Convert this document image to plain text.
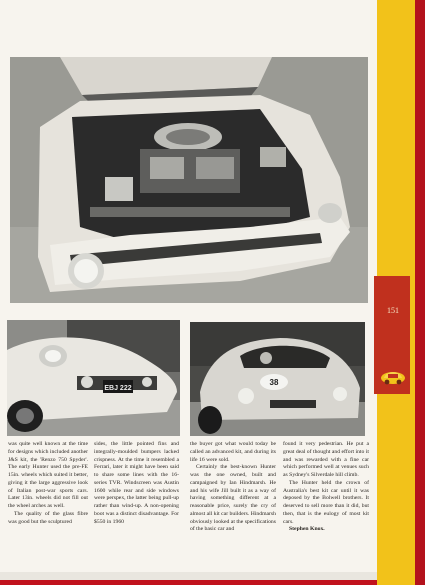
EBJ 222
38

was quite well known at the time for designs which included another J&S kit, the 'Renzo 750 Spyder'. The early Hunter used the pre-FE 15in. wheels which suited it better, giving it the large aggressive look of Italian post-war sports cars. Later 13in. wheels did not fill out the wheel arches as well.

The quality of the glass fibre was good but the sculptured

sides, the little pointed fins and integrally-moulded bumpers lacked crispness. At the time it resembled a Ferrari, later it might have been said to share some lines with the 16-series TVR. Windscreen was Austin 1600 while rear and side windows were perspex, the latter being pull-up rather than wind-up. A non-opening boot was a distinct disadvantage. For $550 in 1960

the buyer got what would today be called an advanced kit, and during its life 16 were sold.

Certainly the best-known Hunter was the one owned, built and campaigned by Ian Hindmarsh. He and his wife Jill built it as a way of having something different at a reasonable price, surely the cry of almost all kit car builders. Hindmarsh obviously looked at the specifications of the basic car and

found it very pedestrian. He put a great deal of thought and effort into it and was rewarded with a fine car which performed well at venues such as Sydney's Silverdale hill climb.

The Hunter held the crown of Australia's best kit car until it was deposed by the Bolwell brothers. It deserved to sell more than it did, but then, that is the eulogy of most kit cars.

Stephen Knox.

151
